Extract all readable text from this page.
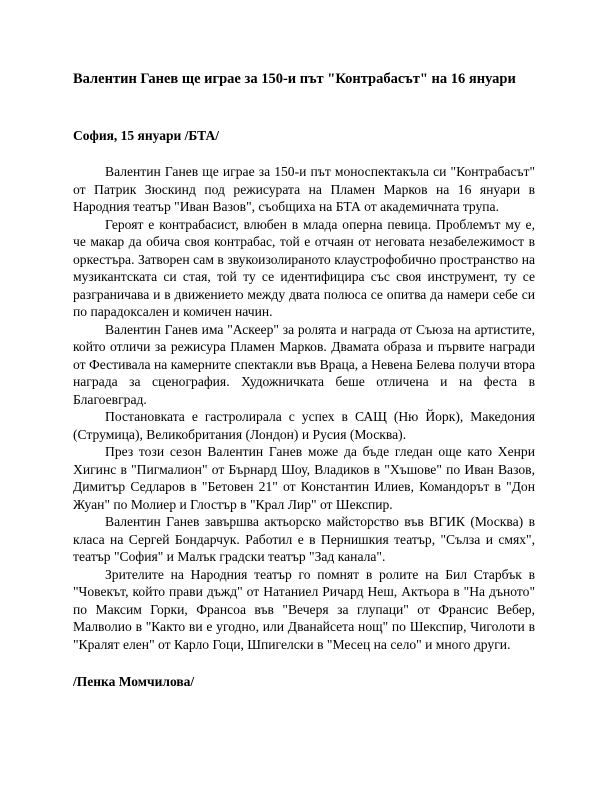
Валентин Ганев ще играе за 150-и път "Контрабасът" на 16 януари

София, 15 януари /БТА/

Валентин Ганев ще играе за 150-и път моноспектакъла си "Контрабасът" от Патрик Зюскинд под режисурата на Пламен Марков на 16 януари в Народния театър "Иван Вазов", съобщиха на БТА от академичната трупа.

Героят е контрабасист, влюбен в млада оперна певица. Проблемът му е, че макар да обича своя контрабас, той е отчаян от неговата незабележимост в оркестъра. Затворен сам в звукоизолираното клаустрофобично пространство на музикантската си стая, той ту се идентифицира със своя инструмент, ту се разграничава и в движението между двата полюса се опитва да намери себе си по парадоксален и комичен начин.

Валентин Ганев има "Аскеер" за ролята и награда от Съюза на артистите, който отличи за режисура Пламен Марков. Двамата образа и първите награди от Фестивала на камерните спектакли във Враца, а Невена Белева получи втора награда за сценография. Художничката беше отличена и на феста в Благоевград.

Постановката е гастролирала с успех в САЩ (Ню Йорк), Македония (Струмица), Великобритания (Лондон) и Русия (Москва).

През този сезон Валентин Ганев може да бъде гледан още като Хенри Хигинс в "Пигмалион" от Бърнард Шоу, Владиков в "Хъшове" по Иван Вазов, Димитър Седларов в "Бетовен 21" от Константин Илиев, Командорът в "Дон Жуан" по Молиер и Глостър в "Крал Лир" от Шекспир.

Валентин Ганев завършва актьорско майсторство във ВГИК (Москва) в класа на Сергей Бондарчук. Работил е в Пернишкия театър, "Сълза и смях", театър "София" и Малък градски театър "Зад канала".

Зрителите на Народния театър го помнят в ролите на Бил Старбък в "Човекът, който прави дъжд" от Натаниел Ричард Неш, Актьора в "На дъното" по Максим Горки, Франсоа във "Вечеря за глупаци" от Франсис Вебер, Малволио в "Както ви е угодно, или Дванайсета нощ" по Шекспир, Чиголоти в "Кралят елен" от Карло Гоци, Шпигелски в "Месец на село" и много други.

/Пенка Момчилова/
